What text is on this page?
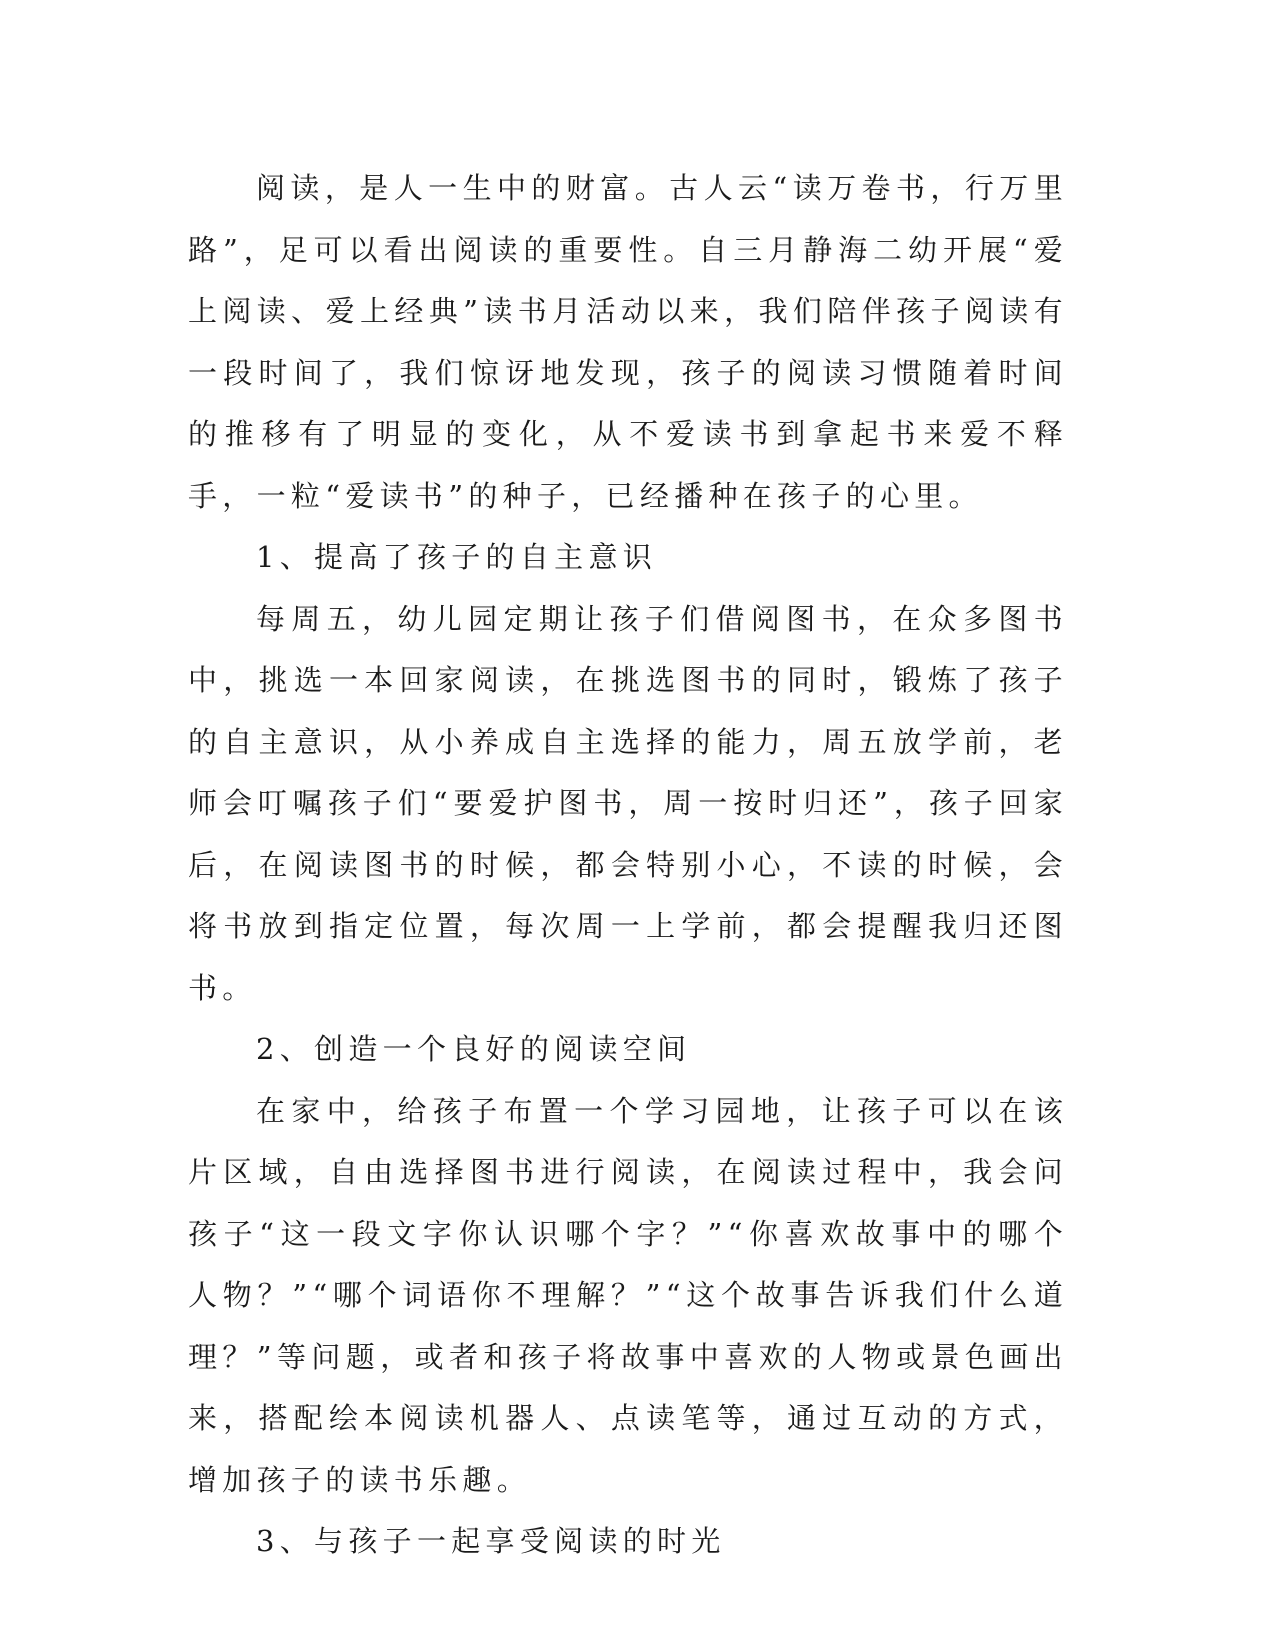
阅读，是人一生中的财富。古人云“读万卷书，行万里路”，足可以看出阅读的重要性。自三月静海二幼开展“爱上阅读、爱上经典”读书月活动以来，我们陪伴孩子阅读有一段时间了，我们惊讶地发现，孩子的阅读习惯随着时间的推移有了明显的变化，从不爱读书到拿起书来爱不释手，一粒“爱读书”的种子，已经播种在孩子的心里。

1、提高了孩子的自主意识

每周五，幼儿园定期让孩子们借阅图书，在众多图书中，挑选一本回家阅读，在挑选图书的同时，锻炼了孩子的自主意识，从小养成自主选择的能力，周五放学前，老师会叮嘱孩子们“要爱护图书，周一按时归还”，孩子回家后，在阅读图书的时候，都会特别小心，不读的时候，会将书放到指定位置，每次周一上学前，都会提醒我归还图书。

2、创造一个良好的阅读空间

在家中，给孩子布置一个学习园地，让孩子可以在该片区域，自由选择图书进行阅读，在阅读过程中，我会问孩子“这一段文字你认识哪个字？”“你喜欢故事中的哪个人物？”“哪个词语你不理解？”“这个故事告诉我们什么道理？”等问题，或者和孩子将故事中喜欢的人物或景色画出来，搭配绘本阅读机器人、点读笔等，通过互动的方式，增加孩子的读书乐趣。

3、与孩子一起享受阅读的时光
